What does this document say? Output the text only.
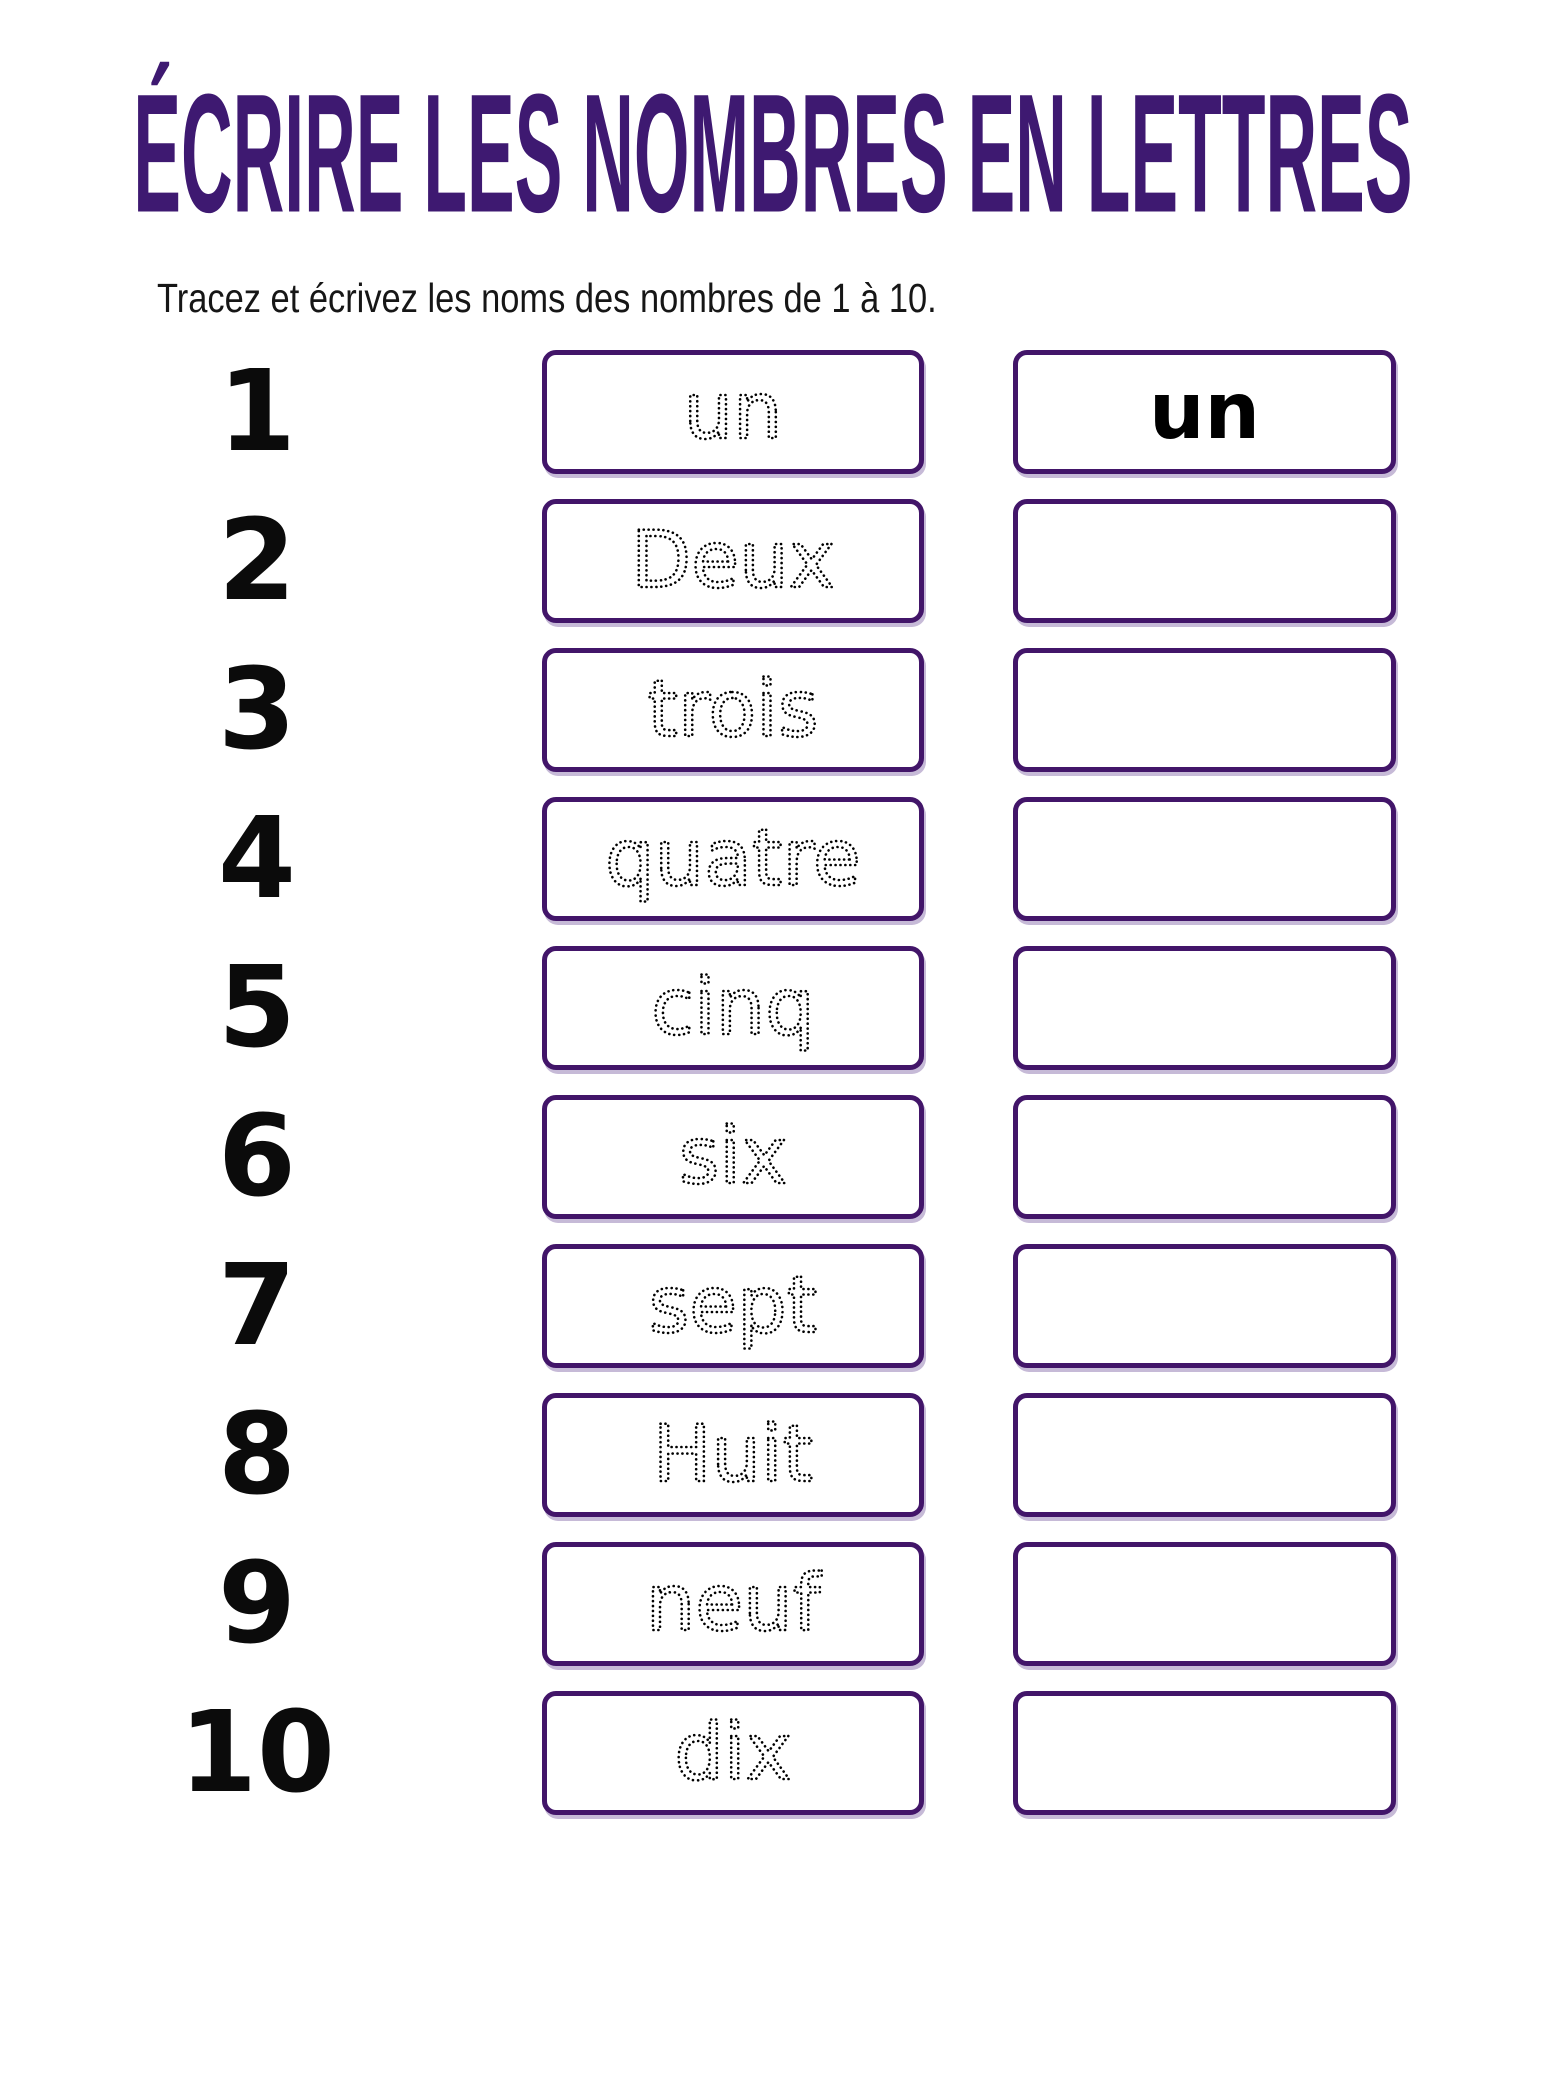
ÉCRIRE LES NOMBRES EN LETTRES
Tracez et écrivez les noms des nombres de 1 à 10.
1	un	un
2	Deux
3	trois
4	quatre
5	cinq
6	six
7	sept
8	Huit
9	neuf
10	dix
